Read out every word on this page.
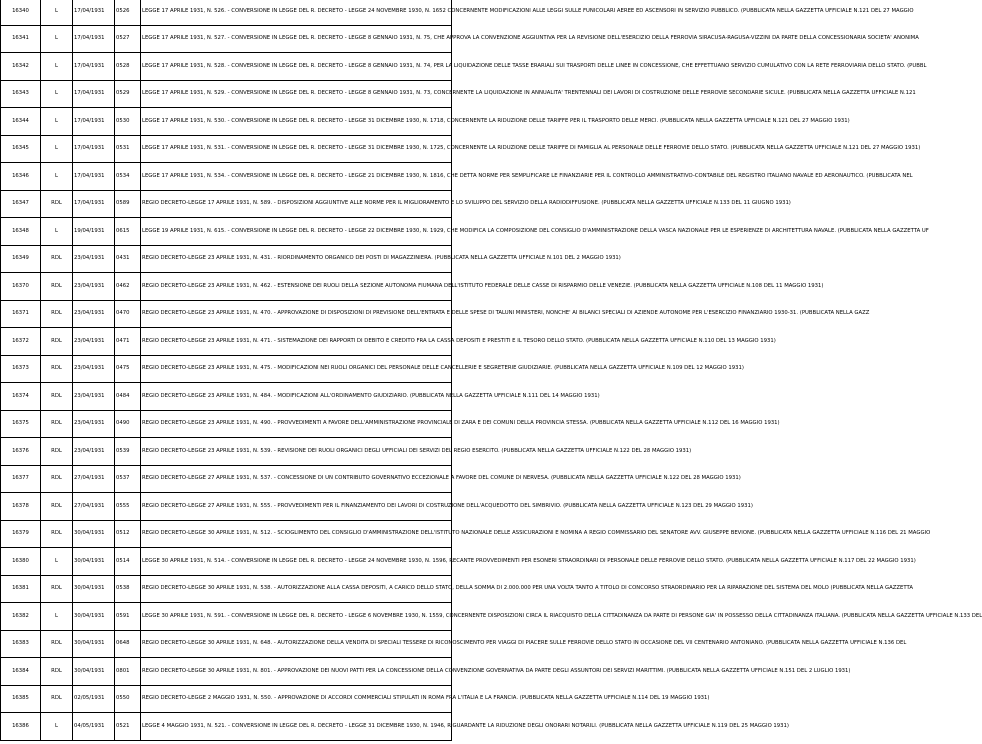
16340	L	17/04/1931	0526	LEGGE 17 APRILE 1931, N. 526. - CONVERSIONE IN LEGGE DEL R. DECRETO - LEGGE 24 NOVEMBRE 1930, N. 1652 CONCERNENTE MODIFICAZIONI ALLE LEGGI SULLE FUNICOLARI AEREE ED ASCENSORI IN SERVIZIO PUBBLICO. (PUBBLICATA NELLA GAZZETTA UFFICIALE N.121 DEL 27 MAGGIO

16341	L	17/04/1931	0527	LEGGE 17 APRILE 1931, N. 527. - CONVERSIONE IN LEGGE DEL R. DECRETO - LEGGE 8 GENNAIO 1931, N. 75, CHE APPROVA LA CONVENZIONE AGGIUNTIVA PER LA REVISIONE DELL'ESERCIZIO DELLA FERROVIA SIRACUSA-RAGUSA-VIZZINI DA PARTE DELLA CONCESSIONARIA SOCIETA' ANONIMA

16342	L	17/04/1931	0528	LEGGE 17 APRILE 1931, N. 528. - CONVERSIONE IN LEGGE DEL R. DECRETO - LEGGE 8 GENNAIO 1931, N. 74, PER LA LIQUIDAZIONE DELLE TASSE ERARIALI SUI TRASPORTI DELLE LINEE IN CONCESSIONE, CHE EFFETTUANO SERVIZIO CUMULATIVO CON LA RETE FERROVIARIA DELLO STATO. (PUBBL

16343	L	17/04/1931	0529	LEGGE 17 APRILE 1931, N. 529. - CONVERSIONE IN LEGGE DEL R. DECRETO - LEGGE 8 GENNAIO 1931, N. 73, CONCERNENTE LA LIQUIDAZIONE IN ANNUALITA' TRENTENNALI DEI LAVORI DI COSTRUZIONE DELLE FERROVIE SECONDARIE SICULE. (PUBBLICATA NELLA GAZZETTA UFFICIALE N.121

16344	L	17/04/1931	0530	LEGGE 17 APRILE 1931, N. 530. - CONVERSIONE IN LEGGE DEL R. DECRETO - LEGGE 31 DICEMBRE 1930, N. 1718, CONCERNENTE LA RIDUZIONE DELLE TARIFFE PER IL TRASPORTO DELLE MERCI. (PUBBLICATA NELLA GAZZETTA UFFICIALE N.121 DEL 27 MAGGIO 1931)

16345	L	17/04/1931	0531	LEGGE 17 APRILE 1931, N. 531. - CONVERSIONE IN LEGGE DEL R. DECRETO - LEGGE 31 DICEMBRE 1930, N. 1725, CONCERNENTE LA RIDUZIONE DELLE TARIFFE DI FAMIGLIA AL PERSONALE DELLE FERROVIE DELLO STATO. (PUBBLICATA NELLA GAZZETTA UFFICIALE N.121 DEL 27 MAGGIO 1931)

16346	L	17/04/1931	0534	LEGGE 17 APRILE 1931, N. 534. - CONVERSIONE IN LEGGE DEL R. DECRETO - LEGGE 21 DICEMBRE 1930, N. 1816, CHE DETTA NORME PER SEMPLIFICARE LE FINANZIARIE PER IL CONTROLLO AMMINISTRATIVO-CONTABILE DEL REGISTRO ITALIANO NAVALE ED AERONAUTICO. (PUBBLICATA NEL

16347	RDL	17/04/1931	0589	REGIO DECRETO-LEGGE 17 APRILE 1931, N. 589. - DISPOSIZIONI AGGIUNTIVE ALLE NORME PER IL MIGLIORAMENTO E LO SVILUPPO DEL SERVIZIO DELLA RADIODIFFUSIONE. (PUBBLICATA NELLA GAZZETTA UFFICIALE N.133 DEL 11 GIUGNO 1931)

16348	L	19/04/1931	0615	LEGGE 19 APRILE 1931, N. 615. - CONVERSIONE IN LEGGE DEL R. DECRETO - LEGGE 22 DICEMBRE 1930, N. 1929, CHE MODIFICA LA COMPOSIZIONE DEL CONSIGLIO D'AMMINISTRAZIONE DELLA VASCA NAZIONALE PER LE ESPERIENZE DI ARCHITETTURA NAVALE. (PUBBLICATA NELLA GAZZETTA UF

16349	RDL	23/04/1931	0431	REGIO DECRETO-LEGGE 23 APRILE 1931, N. 431. - RIORDINAMENTO ORGANICO DEI POSTI DI MAGAZZINIERA. (PUBBLICATA NELLA GAZZETTA UFFICIALE N.101 DEL 2 MAGGIO 1931)

16370	RDL	23/04/1931	0462	REGIO DECRETO-LEGGE 23 APRILE 1931, N. 462. - ESTENSIONE DEI RUOLI DELLA SEZIONE AUTONOMA FIUMANA DELL'ISTITUTO FEDERALE DELLE CASSE DI RISPARMIO DELLE VENEZIE. (PUBBLICATA NELLA GAZZETTA UFFICIALE N.108 DEL 11 MAGGIO 1931)

16371	RDL	23/04/1931	0470	REGIO DECRETO-LEGGE 23 APRILE 1931, N. 470. - APPROVAZIONE DI DISPOSIZIONI DI PREVISIONE DELL'ENTRATA E DELLE SPESE DI TALUNI MINISTERI, NONCHE' AI BILANCI SPECIALI DI AZIENDE AUTONOME PER L'ESERCIZIO FINANZIARIO 1930-31. (PUBBLICATA NELLA GAZZ

16372	RDL	23/04/1931	0471	REGIO DECRETO-LEGGE 23 APRILE 1931, N. 471. - SISTEMAZIONE DEI RAPPORTI DI DEBITO E CREDITO FRA LA CASSA DEPOSITI E PRESTITI E IL TESORO DELLO STATO. (PUBBLICATA NELLA GAZZETTA UFFICIALE N.110 DEL 13 MAGGIO 1931)

16373	RDL	23/04/1931	0475	REGIO DECRETO-LEGGE 23 APRILE 1931, N. 475. - MODIFICAZIONI NEI RUOLI ORGANICI DEL PERSONALE DELLE CANCELLERIE E SEGRETERIE GIUDIZIARIE. (PUBBLICATA NELLA GAZZETTA UFFICIALE N.109 DEL 12 MAGGIO 1931)

16374	RDL	23/04/1931	0484	REGIO DECRETO-LEGGE 23 APRILE 1931, N. 484. - MODIFICAZIONI ALL'ORDINAMENTO GIUDIZIARIO. (PUBBLICATA NELLA GAZZETTA UFFICIALE N.111 DEL 14 MAGGIO 1931)

16375	RDL	23/04/1931	0490	REGIO DECRETO-LEGGE 23 APRILE 1931, N. 490. - PROVVEDIMENTI A FAVORE DELL'AMMINISTRAZIONE PROVINCIALE DI ZARA E DEI COMUNI DELLA PROVINCIA STESSA. (PUBBLICATA NELLA GAZZETTA UFFICIALE N.112 DEL 16 MAGGIO 1931)

16376	RDL	23/04/1931	0539	REGIO DECRETO-LEGGE 23 APRILE 1931, N. 539. - REVISIONE DEI RUOLI ORGANICI DEGLI UFFICIALI DEI SERVIZI DEL REGIO ESERCITO. (PUBBLICATA NELLA GAZZETTA UFFICIALE N.122 DEL 28 MAGGIO 1931)

16377	RDL	27/04/1931	0537	REGIO DECRETO-LEGGE 27 APRILE 1931, N. 537. - CONCESSIONE DI UN CONTRIBUTO GOVERNATIVO ECCEZIONALE A FAVORE DEL COMUNE DI NERVESA. (PUBBLICATA NELLA GAZZETTA UFFICIALE N.122 DEL 28 MAGGIO 1931)

16378	RDL	27/04/1931	0555	REGIO DECRETO-LEGGE 27 APRILE 1931, N. 555. - PROVVEDIMENTI PER IL FINANZIAMENTO DEI LAVORI DI COSTRUZIONE DELL'ACQUEDOTTO DEL SIMBRIVIO. (PUBBLICATA NELLA GAZZETTA UFFICIALE N.123 DEL 29 MAGGIO 1931)

16379	RDL	30/04/1931	0512	REGIO DECRETO-LEGGE 30 APRILE 1931, N. 512. - SCIOGLIMENTO DEL CONSIGLIO D'AMMINISTRAZIONE DELL'ISTITUTO NAZIONALE DELLE ASSICURAZIONI E NOMINA A REGIO COMMISSARIO DEL SENATORE AVV. GIUSEPPE BEVIONE. (PUBBLICATA NELLA GAZZETTA UFFICIALE N.116 DEL 21 MAGGIO

16380	L	30/04/1931	0514	LEGGE 30 APRILE 1931, N. 514. - CONVERSIONE IN LEGGE DEL R. DECRETO - LEGGE 24 NOVEMBRE 1930, N. 1596, RECANTE PROVVEDIMENTI PER ESONERI STRAORDINARI DI PERSONALE DELLE FERROVIE DELLO STATO. (PUBBLICATA NELLA GAZZETTA UFFICIALE N.117 DEL 22 MAGGIO 1931)

16381	RDL	30/04/1931	0538	REGIO DECRETO-LEGGE 30 APRILE 1931, N. 538. - AUTORIZZAZIONE ALLA CASSA DEPOSITI, A CARICO DELLO STATO, DELLA SOMMA DI 2.000.000 PER UNA VOLTA TANTO A TITOLO DI CONCORSO STRAORDINARIO PER LA RIPARAZIONE DEL SISTEMA DEL MOLO (PUBBLICATA NELLA GAZZETTA

16382	L	30/04/1931	0591	LEGGE 30 APRILE 1931, N. 591. - CONVERSIONE IN LEGGE DEL R. DECRETO - LEGGE 6 NOVEMBRE 1930, N. 1559, CONCERNENTE DISPOSIZIONI CIRCA IL RIACQUISTO DELLA CITTADINANZA DA PARTE DI PERSONE GIA' IN POSSESSO DELLA CITTADINANZA ITALIANA. (PUBBLICATA NELLA GAZZETTA UFFICIALE N.133 DEL

16383	RDL	30/04/1931	0648	REGIO DECRETO-LEGGE 30 APRILE 1931, N. 648. - AUTORIZZAZIONE DELLA VENDITA DI SPECIALI TESSERE DI RICONOSCIMENTO PER VIAGGI DI PIACERE SULLE FERROVIE DELLO STATO IN OCCASIONE DEL VII CENTENARIO ANTONIANO. (PUBBLICATA NELLA GAZZETTA UFFICIALE N.136 DEL

16384	RDL	30/04/1931	0801	REGIO DECRETO-LEGGE 30 APRILE 1931, N. 801. - APPROVAZIONE DEI NUOVI PATTI PER LA CONCESSIONE DELLA CONVENZIONE GOVERNATIVA DA PARTE DEGLI ASSUNTORI DEI SERVIZI MARITTIMI. (PUBBLICATA NELLA GAZZETTA UFFICIALE N.151 DEL 2 LUGLIO 1931)

16385	RDL	02/05/1931	0550	REGIO DECRETO-LEGGE 2 MAGGIO 1931, N. 550. - APPROVAZIONE DI ACCORDI COMMERCIALI STIPULATI IN ROMA FRA L'ITALIA E LA FRANCIA. (PUBBLICATA NELLA GAZZETTA UFFICIALE N.114 DEL 19 MAGGIO 1931)

16386	L	04/05/1931	0521	LEGGE 4 MAGGIO 1931, N. 521. - CONVERSIONE IN LEGGE DEL R. DECRETO - LEGGE 31 DICEMBRE 1930, N. 1946, RIGUARDANTE LA RIDUZIONE DEGLI ONORARI NOTARILI. (PUBBLICATA NELLA GAZZETTA UFFICIALE N.119 DEL 25 MAGGIO 1931)
